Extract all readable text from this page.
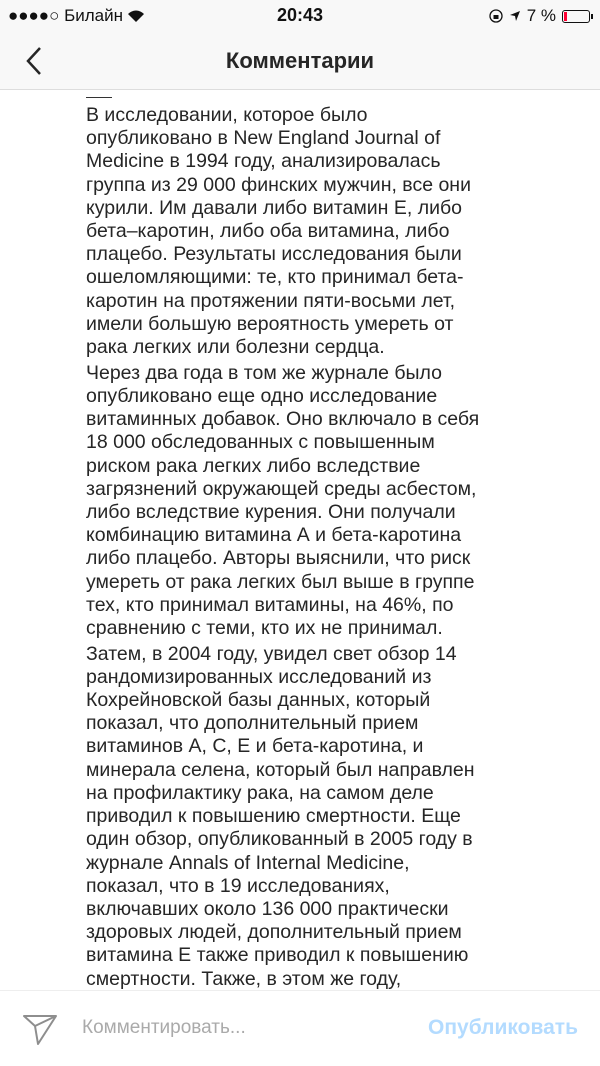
●●●●○ Билайн	20:43	7 %
Комментарии
В исследовании, которое было
опубликовано в New England Journal of
Medicine в 1994 году, анализировалась
группа из 29 000 финских мужчин, все они
курили. Им давали либо витамин Е, либо
бета–каротин, либо оба витамина, либо
плацебо. Результаты исследования были
ошеломляющими: те, кто принимал бета-
каротин на протяжении пяти-восьми лет,
имели большую вероятность умереть от
рака легких или болезни сердца.
Через два года в том же журнале было
опубликовано еще одно исследование
витаминных добавок. Оно включало в себя
18 000 обследованных с повышенным
риском рака легких либо вследствие
загрязнений окружающей среды асбестом,
либо вследствие курения. Они получали
комбинацию витамина А и бета-каротина
либо плацебо. Авторы выяснили, что риск
умереть от рака легких был выше в группе
тех, кто принимал витамины, на 46%, по
сравнению с теми, кто их не принимал.
Затем, в 2004 году, увидел свет обзор 14
рандомизированных исследований из
Кохрейновской базы данных, который
показал, что дополнительный прием
витаминов А, С, Е и бета-каротина, и
минерала селена, который был направлен
на профилактику рака, на самом деле
приводил к повышению смертности. Еще
один обзор, опубликованный в 2005 году в
журнале Annals of Internal Medicine,
показал, что в 19 исследованиях,
включавших около 136 000 практически
здоровых людей, дополнительный прием
витамина Е также приводил к повышению
смертности. Также, в этом же году,
Комментировать...
Опубликовать
